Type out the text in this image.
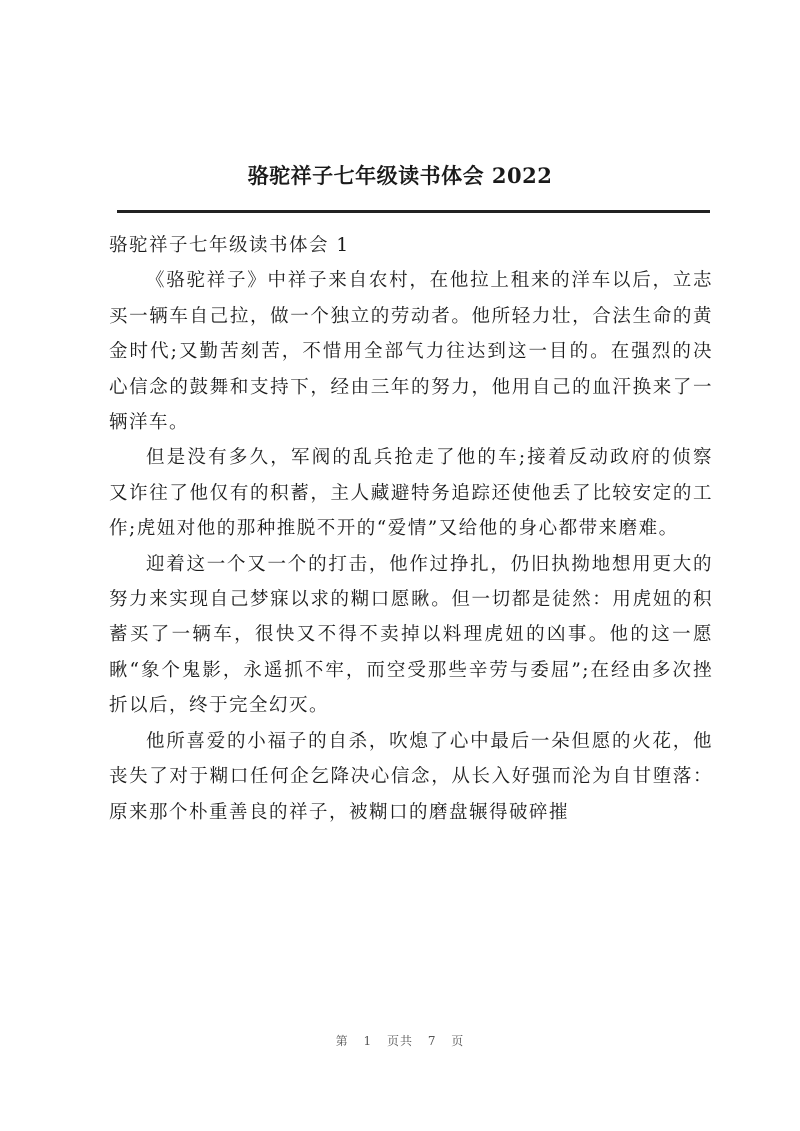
骆驼祥子七年级读书体会 2022
骆驼祥子七年级读书体会 1

《骆驼祥子》中祥子来自农村，在他拉上租来的洋车以后，立志买一辆车自己拉，做一个独立的劳动者。他所轻力壮，合法生命的黄金时代;又勤苦刻苦，不惜用全部气力往达到这一目的。在强烈的决心信念的鼓舞和支持下，经由三年的努力，他用自己的血汗换来了一辆洋车。

但是没有多久，军阀的乱兵抢走了他的车;接着反动政府的侦察又诈往了他仅有的积蓄，主人藏避特务追踪还使他丢了比较安定的工作;虎妞对他的那种推脱不开的“爱情”又给他的身心都带来磨难。

迎着这一个又一个的打击，他作过挣扎，仍旧执拗地想用更大的努力来实现自己梦寐以求的糊口愿瞅。但一切都是徒然：用虎妞的积蓄买了一辆车，很快又不得不卖掉以料理虎妞的凶事。他的这一愿瞅“象个鬼影，永遥抓不牢，而空受那些辛劳与委屈”;在经由多次挫折以后，终于完全幻灭。

他所喜爱的小福子的自杀，吹熄了心中最后一朵但愿的火花，他丧失了对于糊口任何企乞降决心信念，从长入好强而沦为自甘堕落：原来那个朴重善良的祥子，被糊口的磨盘辗得破碎摧

第 1 页共 7 页
